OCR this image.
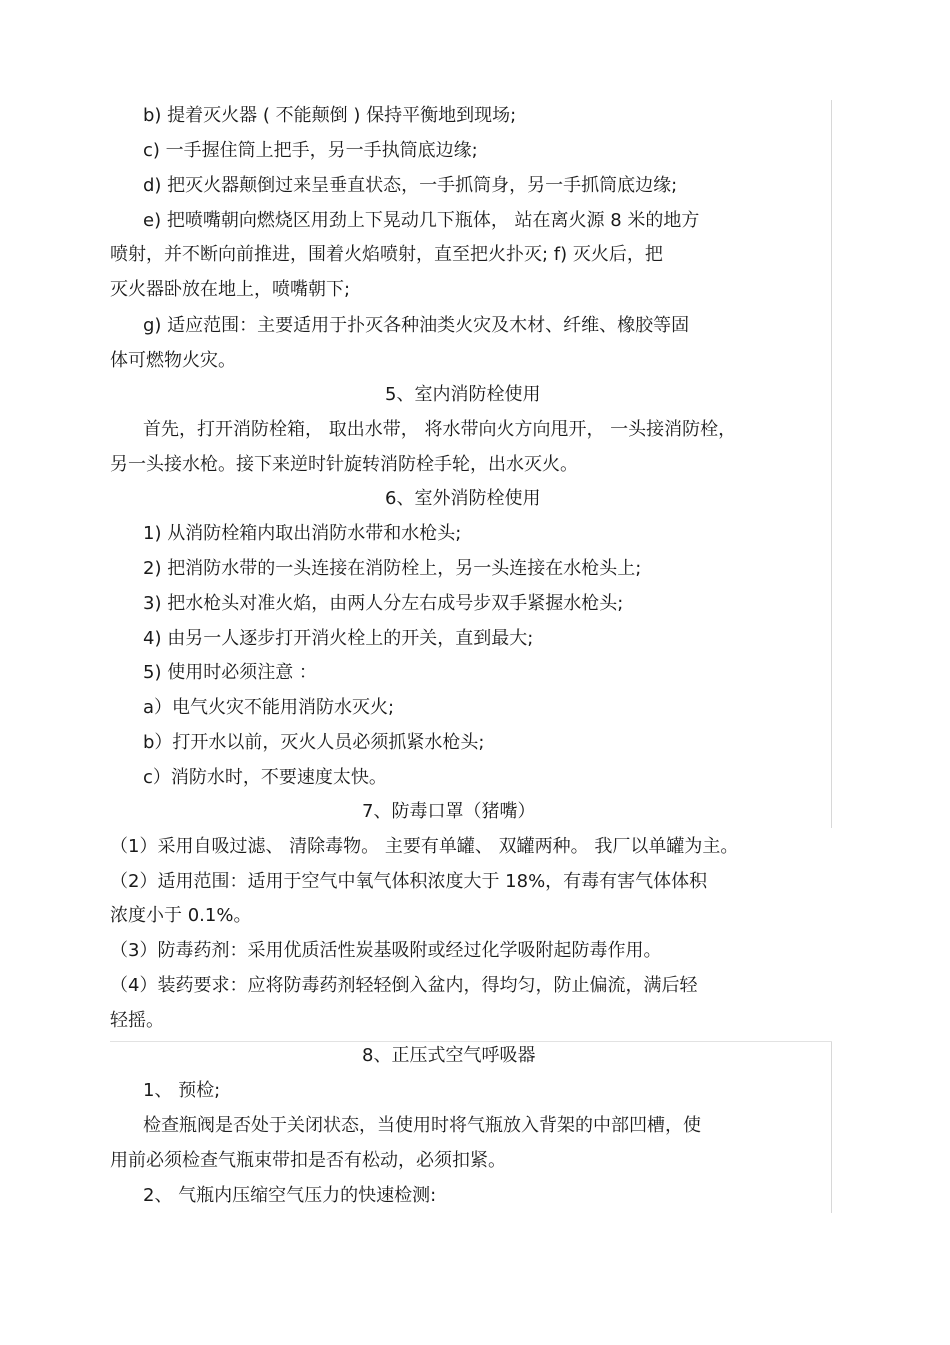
b) 提着灭火器 ( 不能颠倒 ) 保持平衡地到现场;
c) 一手握住筒上把手，另一手执筒底边缘;
d) 把灭火器颠倒过来呈垂直状态，一手抓筒身，另一手抓筒底边缘;
e) 把喷嘴朝向燃烧区用劲上下晃动几下瓶体， 站在离火源 8 米的地方
喷射，并不断向前推进，围着火焰喷射，直至把火扑灭; f) 灭火后，把
灭火器卧放在地上，喷嘴朝下;
g) 适应范围：主要适用于扑灭各种油类火灾及木材、纤维、橡胶等固
体可燃物火灾。
5、室内消防栓使用
首先，打开消防栓箱， 取出水带， 将水带向火方向甩开， 一头接消防栓，
另一头接水枪。接下来逆时针旋转消防栓手轮，出水灭火。
6、室外消防栓使用
1) 从消防栓箱内取出消防水带和水枪头;
2) 把消防水带的一头连接在消防栓上，另一头连接在水枪头上;
3) 把水枪头对准火焰，由两人分左右成号步双手紧握水枪头;
4) 由另一人逐步打开消火栓上的开关，直到最大;
5) 使用时必须注意 ：
a）电气火灾不能用消防水灭火;
b）打开水以前，灭火人员必须抓紧水枪头;
c）消防水时，不要速度太快。
7、防毒口罩（猪嘴）
（1）采用自吸过滤、 清除毒物。 主要有单罐、 双罐两种。 我厂以单罐为主。
（2）适用范围：适用于空气中氧气体积浓度大于 18%，有毒有害气体体积
浓度小于 0.1%。
（3）防毒药剂：采用优质活性炭基吸附或经过化学吸附起防毒作用。
（4）装药要求：应将防毒药剂轻轻倒入盆内，得均匀，防止偏流，满后轻
轻摇。
8、正压式空气呼吸器
1、 预检;
检查瓶阀是否处于关闭状态，当使用时将气瓶放入背架的中部凹槽，使
用前必须检查气瓶束带扣是否有松动，必须扣紧。
2、 气瓶内压缩空气压力的快速检测:
